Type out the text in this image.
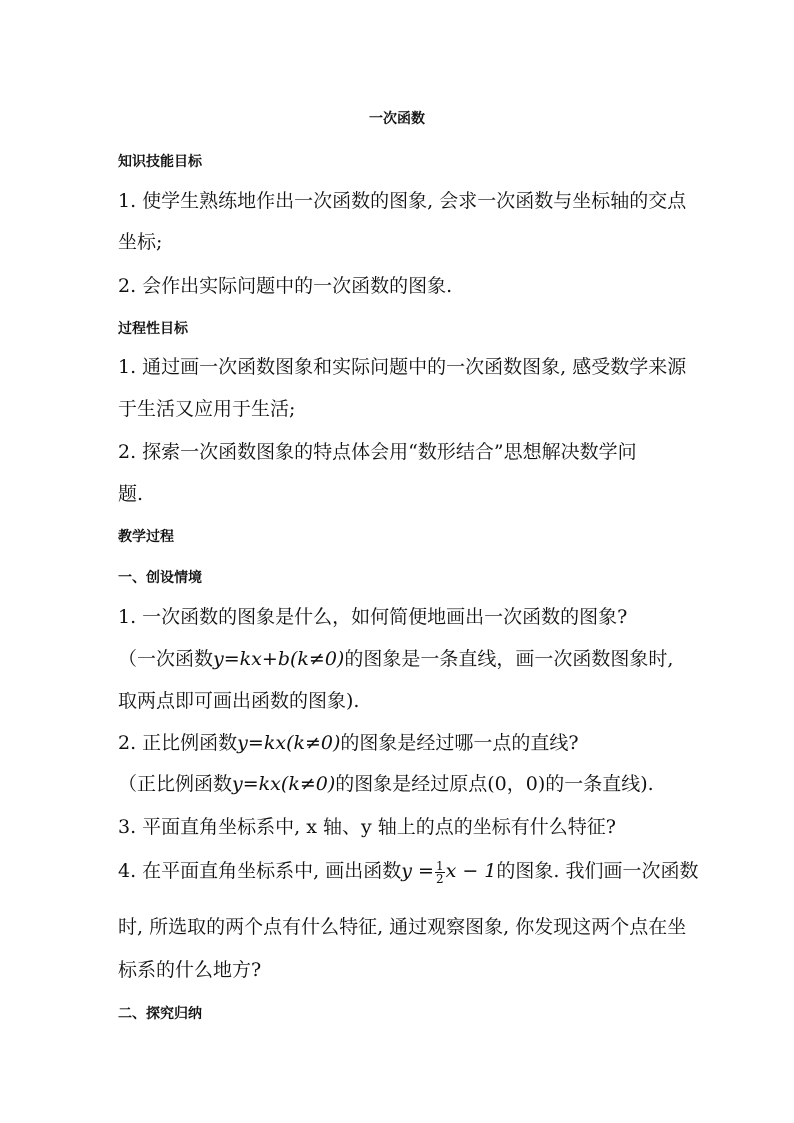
一次函数
知识技能目标
1. 使学生熟练地作出一次函数的图象, 会求一次函数与坐标轴的交点
坐标;
2. 会作出实际问题中的一次函数的图象.
过程性目标
1. 通过画一次函数图象和实际问题中的一次函数图象, 感受数学来源
于生活又应用于生活;
2. 探索一次函数图象的特点体会用“数形结合”思想解决数学问
题.
教学过程
一、创设情境
1. 一次函数的图象是什么，如何简便地画出一次函数的图象?
（一次函数y=kx+b(k≠0)的图象是一条直线，画一次函数图象时,
取两点即可画出函数的图象).
2. 正比例函数y=kx(k≠0)的图象是经过哪一点的直线?
（正比例函数y=kx(k≠0)的图象是经过原点(0，0)的一条直线).
3. 平面直角坐标系中, x 轴、y 轴上的点的坐标有什么特征?
4. 在平面直角坐标系中, 画出函数$y = \frac{1}{2}$ x − 1的图象. 我们画一次函数
时, 所选取的两个点有什么特征, 通过观察图象, 你发现这两个点在坐
标系的什么地方?
二、探究归纳
